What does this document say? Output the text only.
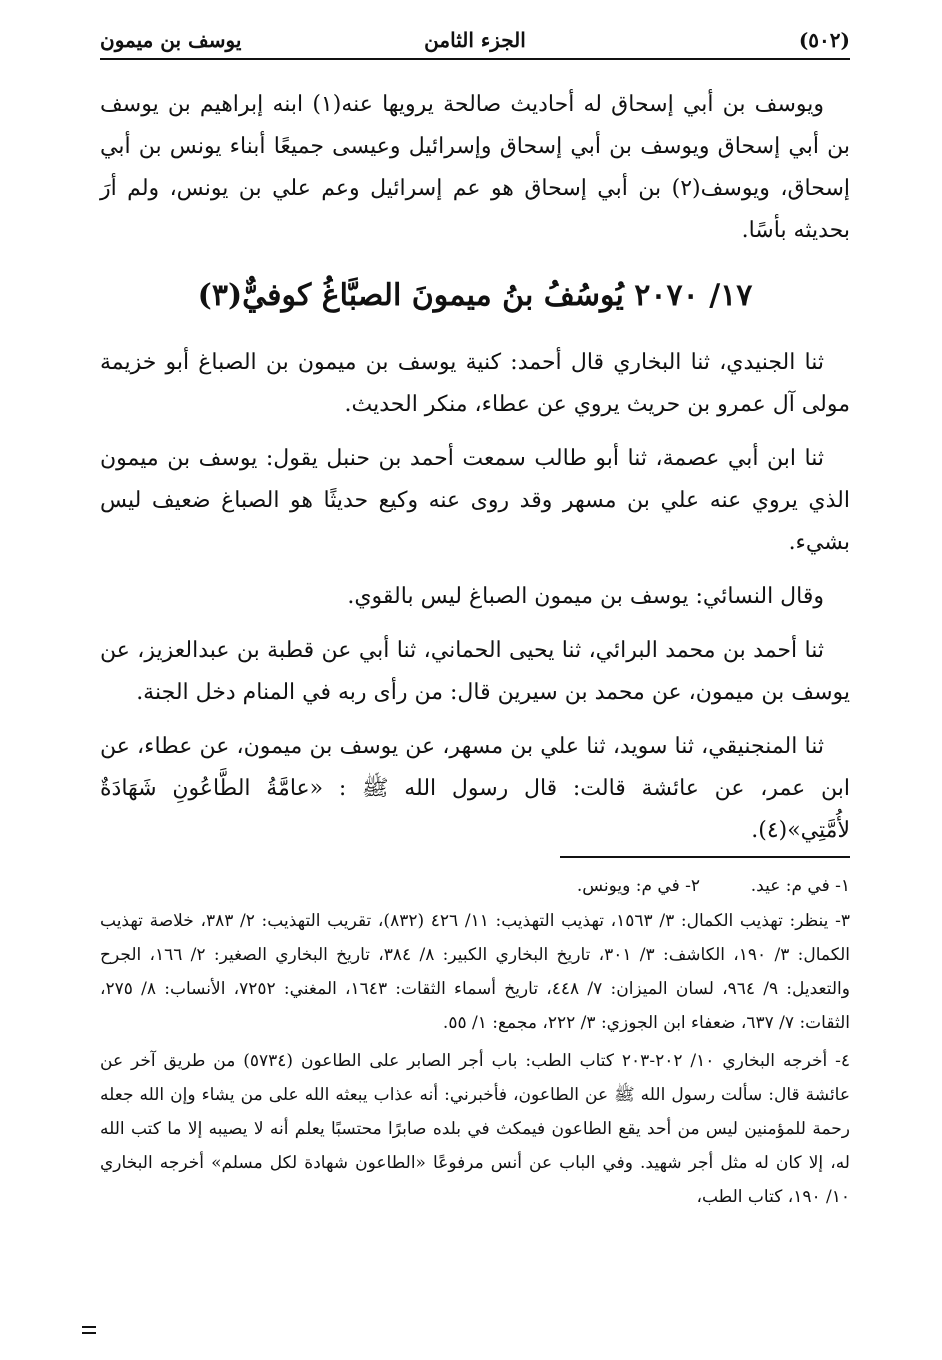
(٥٠٢)
الجزء الثامن
يوسف بن ميمون

ويوسف بن أبي إسحاق له أحاديث صالحة يرويها عنه(١) ابنه إبراهيم بن يوسف بن أبي إسحاق ويوسف بن أبي إسحاق وإسرائيل وعيسى جميعًا أبناء يونس بن أبي إسحاق، ويوسف(٢) بن أبي إسحاق هو عم إسرائيل وعم علي بن يونس، ولم أرَ بحديثه بأسًا.

١٧/ ٢٠٧٠ يُوسُفُ بنُ ميمونَ الصبَّاغُ كوفيٌّ(٣)

ثنا الجنيدي، ثنا البخاري قال أحمد: كنية يوسف بن ميمون بن الصباغ أبو خزيمة مولى آل عمرو بن حريث يروي عن عطاء، منكر الحديث.

ثنا ابن أبي عصمة، ثنا أبو طالب سمعت أحمد بن حنبل يقول: يوسف بن ميمون الذي يروي عنه علي بن مسهر وقد روى عنه وكيع حديثًا هو الصباغ ضعيف ليس بشيء.

وقال النسائي: يوسف بن ميمون الصباغ ليس بالقوي.

ثنا أحمد بن محمد البرائي، ثنا يحيى الحماني، ثنا أبي عن قطبة بن عبدالعزيز، عن يوسف بن ميمون، عن محمد بن سيرين قال: من رأى ربه في المنام دخل الجنة.

ثنا المنجنيقي، ثنا سويد، ثنا علي بن مسهر، عن يوسف بن ميمون، عن عطاء، عن ابن عمر، عن عائشة قالت: قال رسول الله ﷺ : «عامَّةُ الطَّاعُونِ شَهَادَةٌ لأُمَّتِي»(٤).

١- في م: عيد.٢- في م: ويونس.

٣- ينظر: تهذيب الكمال: ٣/ ١٥٦٣، تهذيب التهذيب: ١١/ ٤٢٦ (٨٣٢)، تقريب التهذيب: ٢/ ٣٨٣، خلاصة تهذيب الكمال: ٣/ ١٩٠، الكاشف: ٣/ ٣٠١، تاريخ البخاري الكبير: ٨/ ٣٨٤، تاريخ البخاري الصغير: ٢/ ١٦٦، الجرح والتعديل: ٩/ ٩٦٤، لسان الميزان: ٧/ ٤٤٨، تاريخ أسماء الثقات: ١٦٤٣، المغني: ٧٢٥٢، الأنساب: ٨/ ٢٧٥، الثقات: ٧/ ٦٣٧، ضعفاء ابن الجوزي: ٣/ ٢٢٢، مجمع: ١/ ٥٥.

٤- أخرجه البخاري ١٠/ ٢٠٢-٢٠٣ كتاب الطب: باب أجر الصابر على الطاعون (٥٧٣٤) من طريق آخر عن عائشة قال: سألت رسول الله ﷺ عن الطاعون، فأخبرني: أنه عذاب يبعثه الله على من يشاء وإن الله جعله رحمة للمؤمنين ليس من أحد يقع الطاعون فيمكث في بلده صابرًا محتسبًا يعلم أنه لا يصيبه إلا ما كتب الله له، إلا كان له مثل أجر شهيد. وفي الباب عن أنس مرفوعًا «الطاعون شهادة لكل مسلم» أخرجه البخاري ١٠/ ١٩٠، كتاب الطب،
